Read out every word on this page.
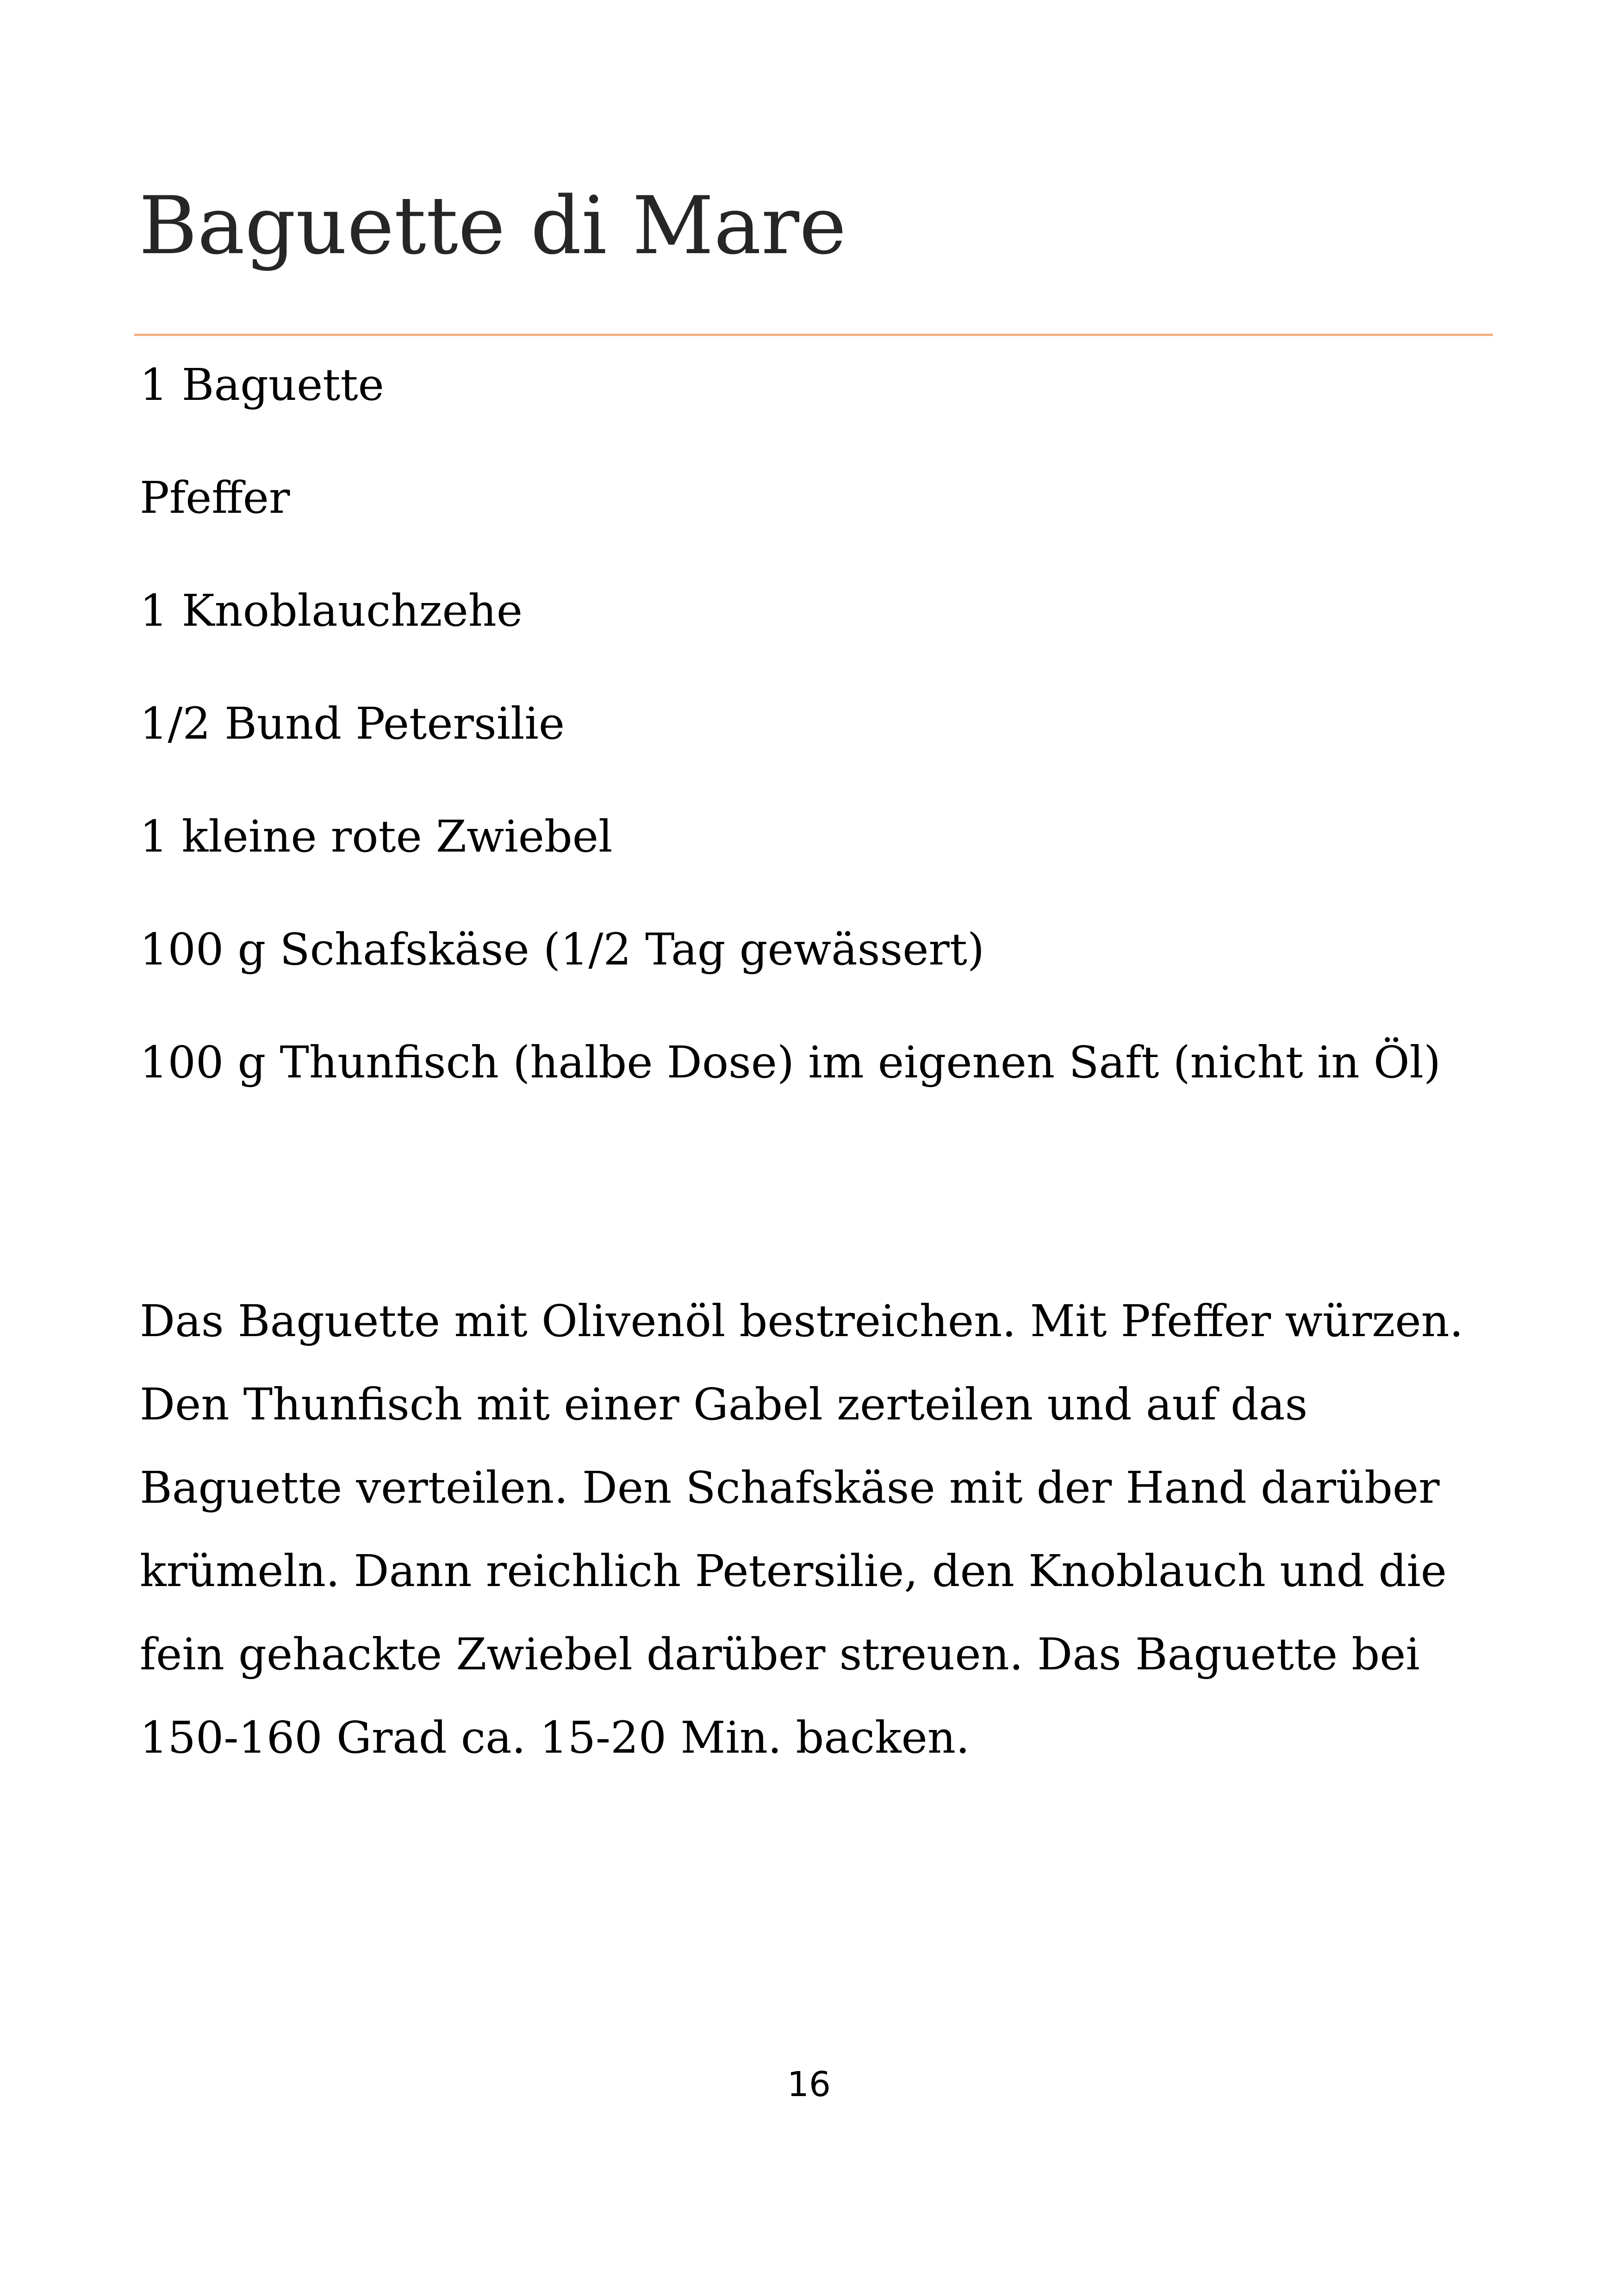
Baguette di Mare
1 Baguette
Pfeffer
1 Knoblauchzehe
1/2 Bund Petersilie
1 kleine rote Zwiebel
100 g Schafskäse (1/2 Tag gewässert)
100 g Thunfisch (halbe Dose) im eigenen Saft (nicht in Öl)
Das Baguette mit Olivenöl bestreichen. Mit Pfeffer würzen.
Den Thunfisch mit einer Gabel zerteilen und auf das
Baguette verteilen. Den Schafskäse mit der Hand darüber
krümeln. Dann reichlich Petersilie, den Knoblauch und die
fein gehackte Zwiebel darüber streuen. Das Baguette bei
150-160 Grad ca. 15-20 Min. backen.
16
